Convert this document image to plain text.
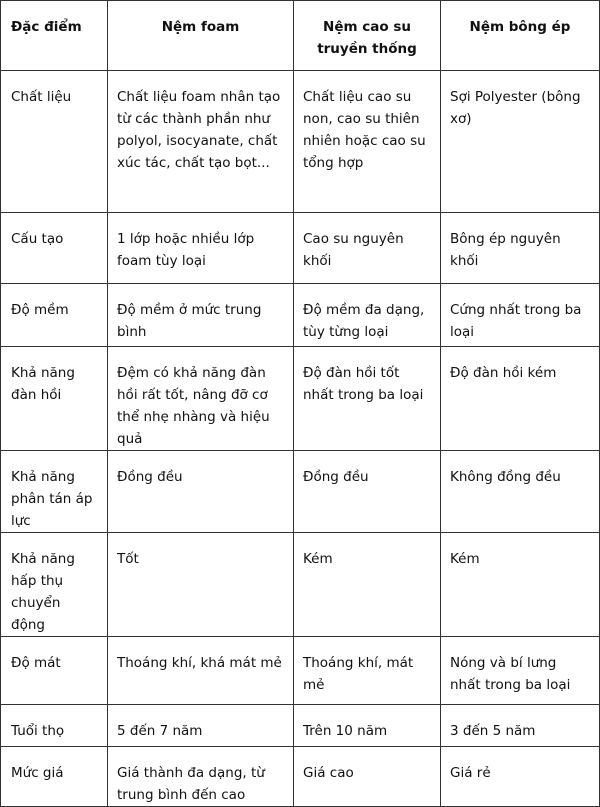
Đặc điểm	Nệm foam	Nệm cao su truyền thống	Nệm bông ép
Chất liệu	Chất liệu foam nhân tạo từ các thành phần như polyol, isocyanate, chất xúc tác, chất tạo bọt...	Chất liệu cao su non, cao su thiên nhiên hoặc cao su tổng hợp	Sợi Polyester (bông xơ)
Cấu tạo	1 lớp hoặc nhiều lớp foam tùy loại	Cao su nguyên khối	Bông ép nguyên khối
Độ mềm	Độ mềm ở mức trung bình	Độ mềm đa dạng, tùy từng loại	Cứng nhất trong ba loại
Khả năng đàn hồi	Đệm có khả năng đàn hồi rất tốt, nâng đỡ cơ thể nhẹ nhàng và hiệu quả	Độ đàn hồi tốt nhất trong ba loại	Độ đàn hồi kém
Khả năng phân tán áp lực	Đồng đều	Đồng đều	Không đồng đều
Khả năng hấp thụ chuyển động	Tốt	Kém	Kém
Độ mát	Thoáng khí, khá mát mẻ	Thoáng khí, mát mẻ	Nóng và bí lưng nhất trong ba loại
Tuổi thọ	5 đến 7 năm	Trên 10 năm	3 đến 5 năm
Mức giá	Giá thành đa dạng, từ trung bình đến cao	Giá cao	Giá rẻ
